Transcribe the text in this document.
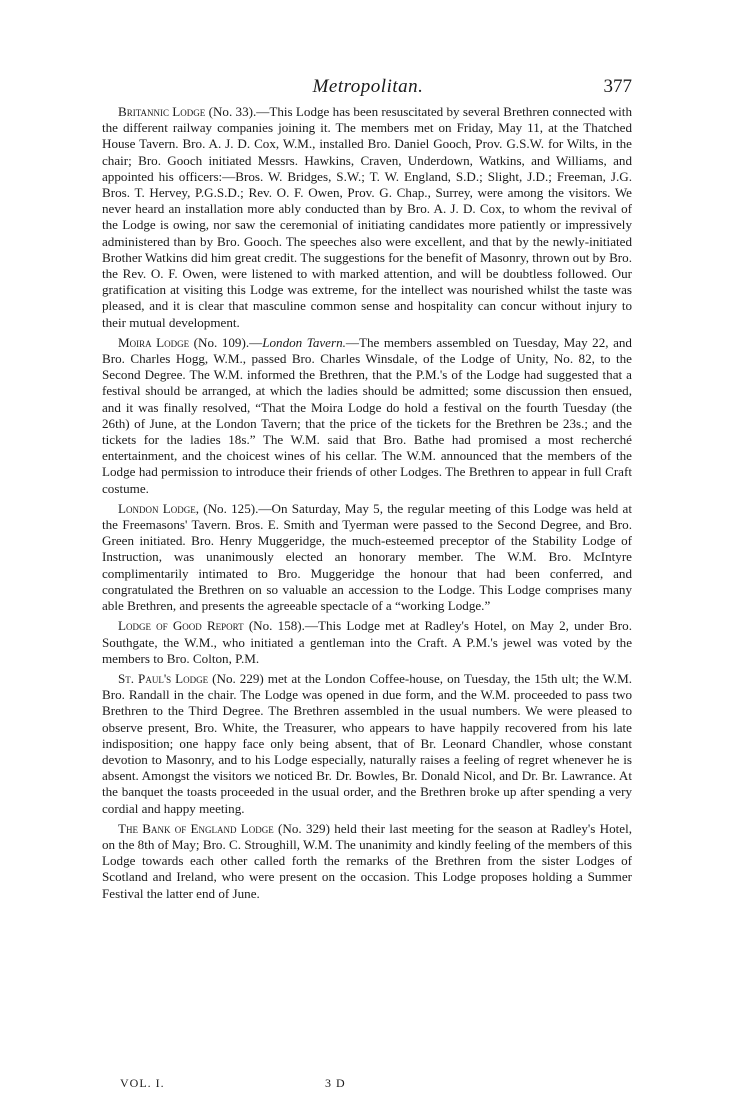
Metropolitan.	377

Britannic Lodge (No. 33).—This Lodge has been resuscitated by several Brethren connected with the different railway companies joining it. The members met on Friday, May 11, at the Thatched House Tavern. Bro. A. J. D. Cox, W.M., installed Bro. Daniel Gooch, Prov. G.S.W. for Wilts, in the chair; Bro. Gooch initiated Messrs. Hawkins, Craven, Underdown, Watkins, and Williams, and appointed his officers:—Bros. W. Bridges, S.W.; T. W. England, S.D.; Slight, J.D.; Freeman, J.G. Bros. T. Hervey, P.G.S.D.; Rev. O. F. Owen, Prov. G. Chap., Surrey, were among the visitors. We never heard an installation more ably conducted than by Bro. A. J. D. Cox, to whom the revival of the Lodge is owing, nor saw the ceremonial of initiating candidates more patiently or impressively administered than by Bro. Gooch. The speeches also were excellent, and that by the newly-initiated Brother Watkins did him great credit. The suggestions for the benefit of Masonry, thrown out by Bro. the Rev. O. F. Owen, were listened to with marked attention, and will be doubtless followed. Our gratification at visiting this Lodge was extreme, for the intellect was nourished whilst the taste was pleased, and it is clear that masculine common sense and hospitality can concur without injury to their mutual development.

Moira Lodge (No. 109).—London Tavern.—The members assembled on Tuesday, May 22, and Bro. Charles Hogg, W.M., passed Bro. Charles Winsdale, of the Lodge of Unity, No. 82, to the Second Degree. The W.M. informed the Brethren, that the P.M.'s of the Lodge had suggested that a festival should be arranged, at which the ladies should be admitted; some discussion then ensued, and it was finally resolved, “That the Moira Lodge do hold a festival on the fourth Tuesday (the 26th) of June, at the London Tavern; that the price of the tickets for the Brethren be 23s.; and the tickets for the ladies 18s.” The W.M. said that Bro. Bathe had promised a most recherché entertainment, and the choicest wines of his cellar. The W.M. announced that the members of the Lodge had permission to introduce their friends of other Lodges. The Brethren to appear in full Craft costume.

London Lodge, (No. 125).—On Saturday, May 5, the regular meeting of this Lodge was held at the Freemasons' Tavern. Bros. E. Smith and Tyerman were passed to the Second Degree, and Bro. Green initiated. Bro. Henry Muggeridge, the much-esteemed preceptor of the Stability Lodge of Instruction, was unanimously elected an honorary member. The W.M. Bro. McIntyre complimentarily intimated to Bro. Muggeridge the honour that had been conferred, and congratulated the Brethren on so valuable an accession to the Lodge. This Lodge comprises many able Brethren, and presents the agreeable spectacle of a “working Lodge.”

Lodge of Good Report (No. 158).—This Lodge met at Radley's Hotel, on May 2, under Bro. Southgate, the W.M., who initiated a gentleman into the Craft. A P.M.'s jewel was voted by the members to Bro. Colton, P.M.

St. Paul's Lodge (No. 229) met at the London Coffee-house, on Tuesday, the 15th ult; the W.M. Bro. Randall in the chair. The Lodge was opened in due form, and the W.M. proceeded to pass two Brethren to the Third Degree. The Brethren assembled in the usual numbers. We were pleased to observe present, Bro. White, the Treasurer, who appears to have happily recovered from his late indisposition; one happy face only being absent, that of Br. Leonard Chandler, whose constant devotion to Masonry, and to his Lodge especially, naturally raises a feeling of regret whenever he is absent. Amongst the visitors we noticed Br. Dr. Bowles, Br. Donald Nicol, and Dr. Br. Lawrance. At the banquet the toasts proceeded in the usual order, and the Brethren broke up after spending a very cordial and happy meeting.

The Bank of England Lodge (No. 329) held their last meeting for the season at Radley's Hotel, on the 8th of May; Bro. C. Stroughill, W.M. The unanimity and kindly feeling of the members of this Lodge towards each other called forth the remarks of the Brethren from the sister Lodges of Scotland and Ireland, who were present on the occasion. This Lodge proposes holding a Summer Festival the latter end of June.

VOL. I.	3 D
